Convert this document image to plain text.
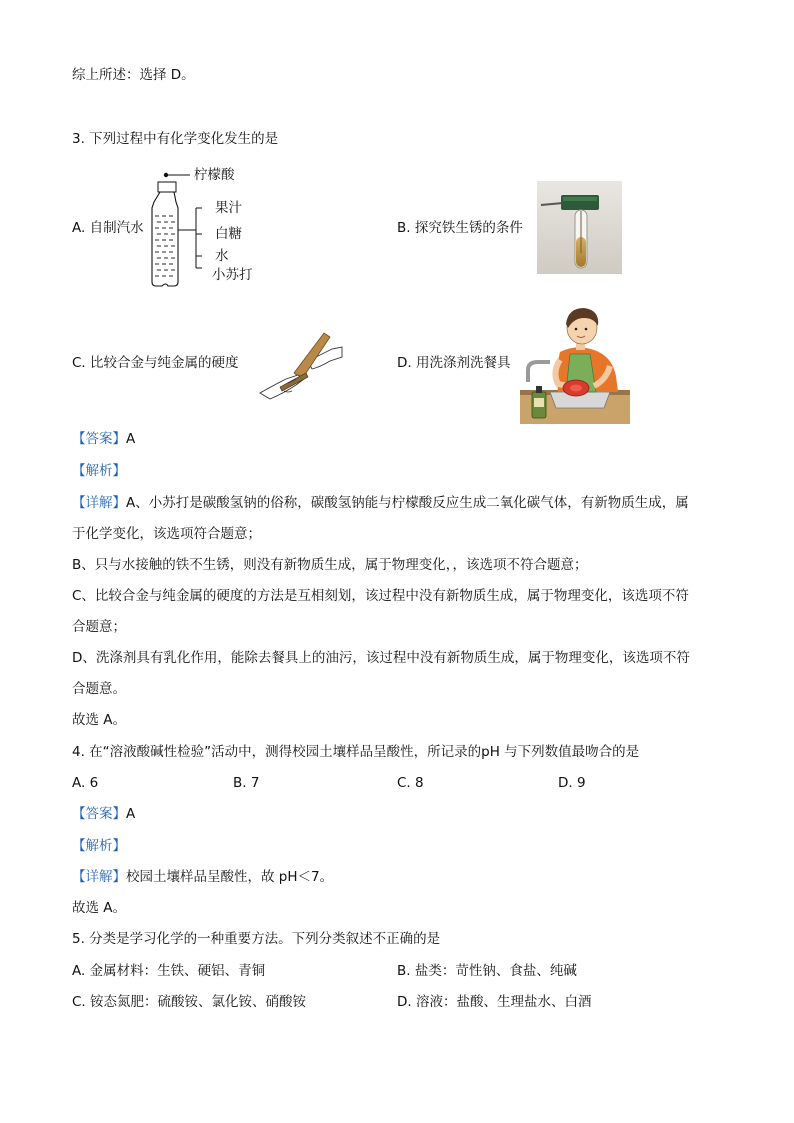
综上所述：选择 D。
3. 下列过程中有化学变化发生的是
A. 自制汽水
柠檬酸
果汁
白糖
水
小苏打
B. 探究铁生锈的条件
C. 比较合金与纯金属的硬度	D. 用洗涤剂洗餐具
【答案】A
【解析】
【详解】A、小苏打是碳酸氢钠的俗称，碳酸氢钠能与柠檬酸反应生成二氧化碳气体，有新物质生成，属
于化学变化，该选项符合题意；
B、只与水接触的铁不生锈，则没有新物质生成，属于物理变化，，该选项不符合题意；
C、比较合金与纯金属的硬度的方法是互相刻划，该过程中没有新物质生成，属于物理变化，该选项不符
合题意；
D、洗涤剂具有乳化作用，能除去餐具上的油污，该过程中没有新物质生成，属于物理变化，该选项不符
合题意。
故选 A。
4. 在“溶液酸碱性检验”活动中，测得校园土壤样品呈酸性，所记录的pH 与下列数值最吻合的是
A. 6	B. 7	C. 8	D. 9
【答案】A
【解析】
【详解】校园土壤样品呈酸性，故 pH＜7。
故选 A。
5. 分类是学习化学的一种重要方法。下列分类叙述不正确的是
A. 金属材料：生铁、硬铝、青铜	B. 盐类：苛性钠、食盐、纯碱
C. 铵态氮肥：硫酸铵、氯化铵、硝酸铵	D. 溶液：盐酸、生理盐水、白酒
